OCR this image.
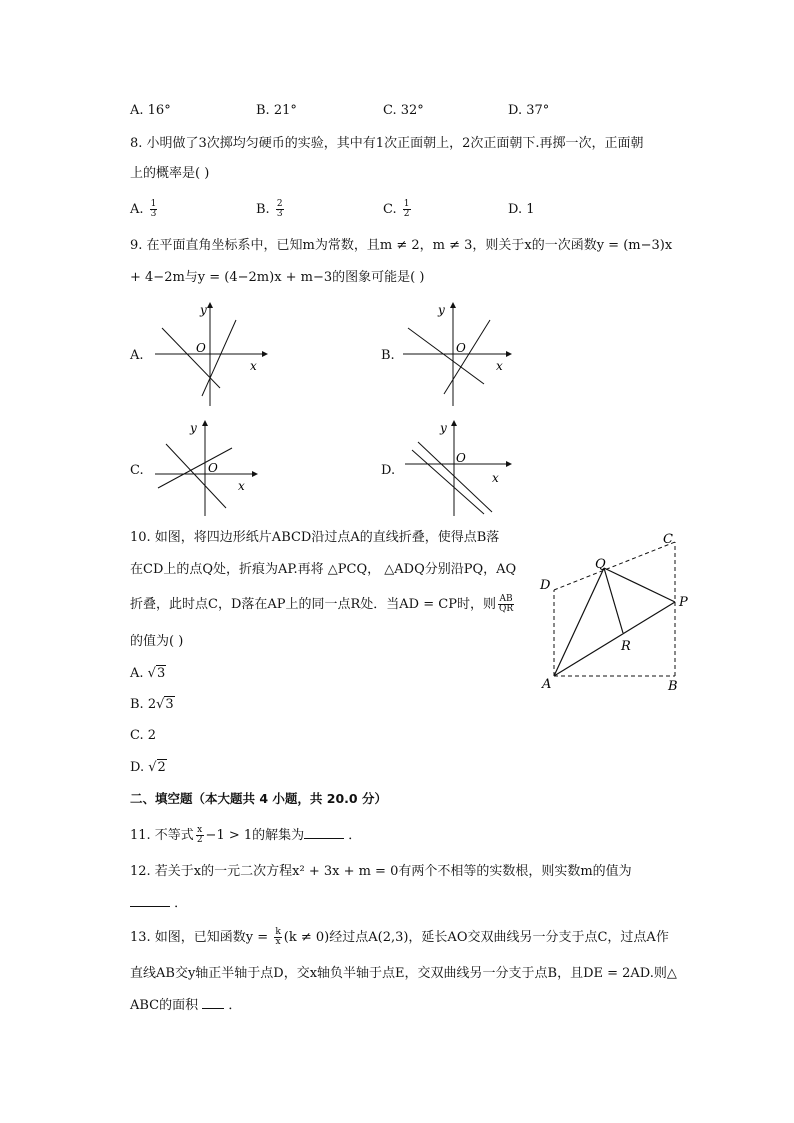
A. 16°	B. 21°	C. 32°	D. 37°
8. 小明做了3次掷均匀硬币的实验，其中有1次正面朝上，2次正面朝下.再掷一次，正面朝
上的概率是( )
A. $\frac{1}{3}$	B. $\frac{2}{3}$	C. $\frac{1}{2}$	D. 1
9. 在平面直角坐标系中，已知m为常数，且m ≠ 2，m ≠ 3，则关于x的一次函数y = (m−3)x
+ 4−2m与y = (4−2m)x + m−3的图象可能是( )
A.	B.
C.	D.
y
O
x
y
O
x
y
O
x
y
O
x
10. 如图，将四边形纸片ABCD沿过点A的直线折叠，使得点B落
在CD上的点Q处，折痕为AP.再将 △PCQ， △ADQ分别沿PQ，AQ
折叠，此时点C，D落在AP上的同一点R处．当AD = CP时，则 $\frac{AB}{QR}$
的值为( )
A. √3
B. 2√3
C. 2
D. √2
A	B
C
D
P
Q
R
二、填空题（本大题共 4 小题，共 20.0 分）
11. 不等式 $\frac{x}{2} -1 > 1$的解集为	．
12. 若关于x的一元二次方程x² + 3x + m = 0有两个不相等的实数根，则实数m的值为
．
13. 如图，已知函数$y = \frac{k}{x} (k \ne 0)$经过点A(2,3)，延长AO交双曲线另一分支于点C，过点A作
直线AB交y轴正半轴于点D，交x轴负半轴于点E，交双曲线另一分支于点B，且DE = 2AD.则△
ABC的面积  ．
